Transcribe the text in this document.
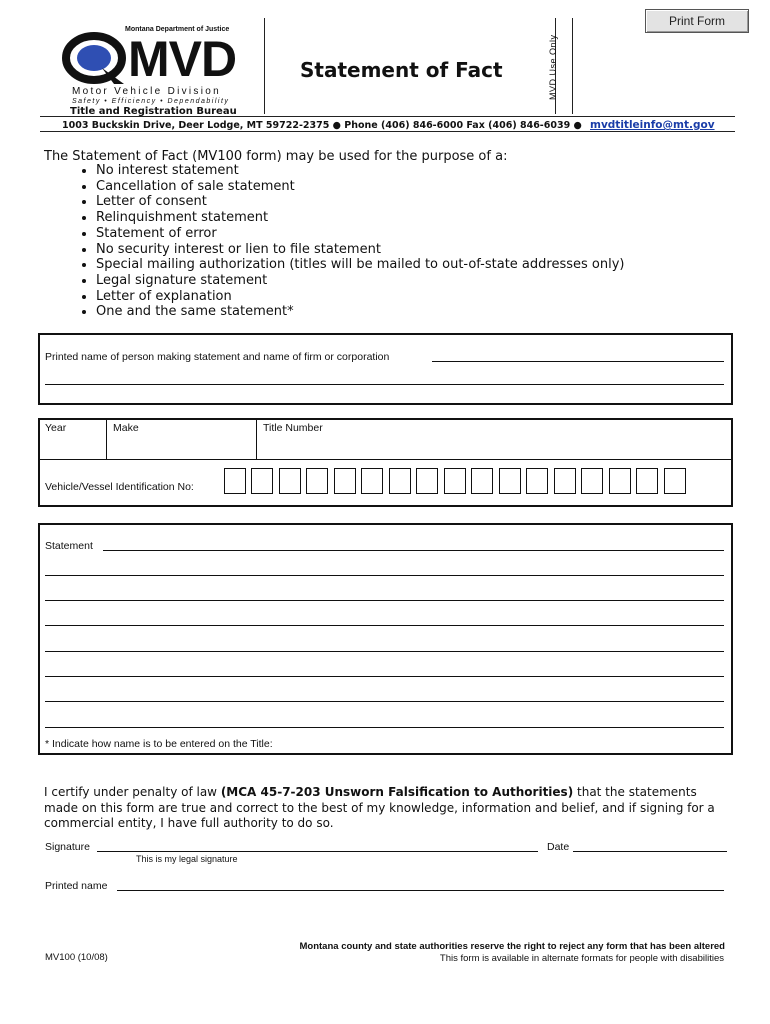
Print Form
Montana Department of Justice
MVD
Motor Vehicle Division
Safety • Efficiency • Dependability
Title and Registration Bureau
Statement of Fact	MVD Use Only
1003 Buckskin Drive, Deer Lodge, MT 59722-2375 ● Phone (406) 846-6000 Fax (406) 846-6039 ● mvdtitleinfo@mt.gov
The Statement of Fact (MV100 form) may be used for the purpose of a:
• No interest statement
• Cancellation of sale statement
• Letter of consent
• Relinquishment statement
• Statement of error
• No security interest or lien to file statement
• Special mailing authorization (titles will be mailed to out-of-state addresses only)
• Legal signature statement
• Letter of explanation
• One and the same statement*
Printed name of person making statement and name of firm or corporation
Year	Make	Title Number
Vehicle/Vessel Identification No:
Statement
* Indicate how name is to be entered on the Title:
I certify under penalty of law (MCA 45-7-203 Unsworn Falsification to Authorities) that the statements made on this form are true and correct to the best of my knowledge, information and belief, and if signing for a commercial entity, I have full authority to do so.
Signature
This is my legal signature
Date
Printed name
MV100 (10/08)
Montana county and state authorities reserve the right to reject any form that has been altered
This form is available in alternate formats for people with disabilities
